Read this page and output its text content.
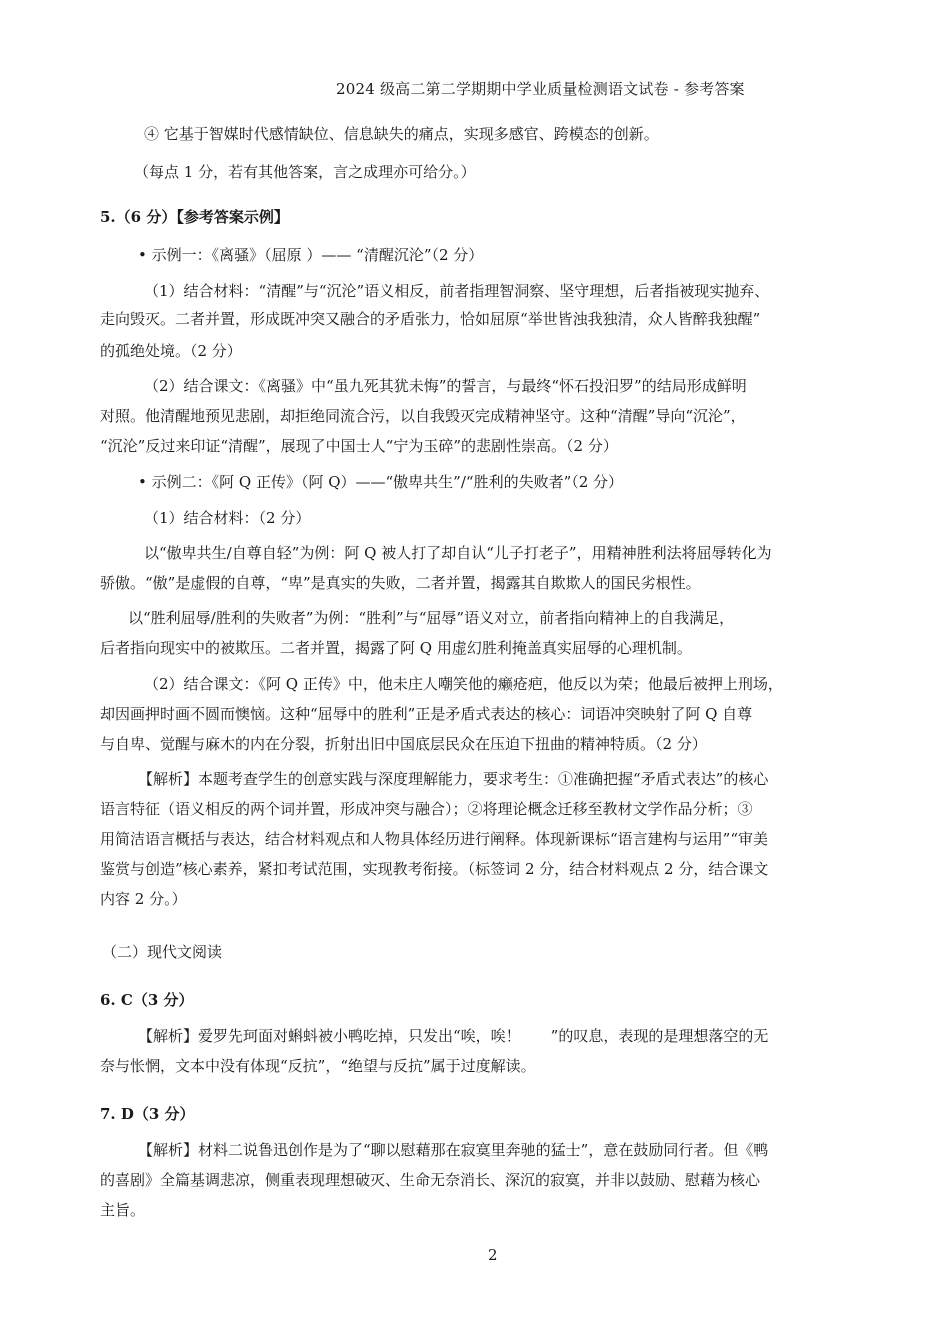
2024 级高二第二学期期中学业质量检测语文试卷 - 参考答案
④ 它基于智媒时代感情缺位、信息缺失的痛点，实现多感官、跨模态的创新。
（每点 1 分，若有其他答案，言之成理亦可给分。）
5.（6 分）【参考答案示例】
• 示例一：《离骚》（屈原 ）—— “清醒沉沦”（2 分）
（1）结合材料：“清醒”与“沉沦”语义相反，前者指理智洞察、坚守理想，后者指被现实抛弃、
走向毁灭。二者并置，形成既冲突又融合的矛盾张力，恰如屈原“举世皆浊我独清，众人皆醉我独醒”
的孤绝处境。（2 分）
（2）结合课文：《离骚》中“虽九死其犹未悔”的誓言，与最终“怀石投汨罗”的结局形成鲜明
对照。他清醒地预见悲剧，却拒绝同流合污，以自我毁灭完成精神坚守。这种“清醒”导向“沉沦”，
“沉沦”反过来印证“清醒”，展现了中国士人“宁为玉碎”的悲剧性崇高。（2 分）
• 示例二：《阿 Q 正传》（阿 Q）——“傲卑共生”/“胜利的失败者”（2 分）
（1）结合材料：（2 分）
以“傲卑共生/自尊自轻”为例：阿 Q 被人打了却自认“儿子打老子”，用精神胜利法将屈辱转化为
骄傲。“傲”是虚假的自尊，“卑”是真实的失败，二者并置，揭露其自欺欺人的国民劣根性。
以“胜利屈辱/胜利的失败者”为例：“胜利”与“屈辱”语义对立，前者指向精神上的自我满足，
后者指向现实中的被欺压。二者并置，揭露了阿 Q 用虚幻胜利掩盖真实屈辱的心理机制。
（2）结合课文：《阿 Q 正传》中，他未庄人嘲笑他的癞疮疤，他反以为荣；他最后被押上刑场，
却因画押时画不圆而懊恼。这种“屈辱中的胜利”正是矛盾式表达的核心：词语冲突映射了阿 Q 自尊
与自卑、觉醒与麻木的内在分裂，折射出旧中国底层民众在压迫下扭曲的精神特质。（2 分）
【解析】本题考查学生的创意实践与深度理解能力，要求考生：①准确把握“矛盾式表达”的核心
语言特征（语义相反的两个词并置，形成冲突与融合）；②将理论概念迁移至教材文学作品分析；③
用简洁语言概括与表达，结合材料观点和人物具体经历进行阐释。体现新课标“语言建构与运用”“审美
鉴赏与创造”核心素养，紧扣考试范围，实现教考衔接。（标签词 2 分，结合材料观点 2 分，结合课文
内容 2 分。）
（二）现代文阅读
6. C（3 分）
【解析】爱罗先珂面对蝌蚪被小鸭吃掉，只发出“唉，唉！　　”的叹息，表现的是理想落空的无
奈与怅惘，文本中没有体现“反抗”，“绝望与反抗”属于过度解读。
7. D（3 分）
【解析】材料二说鲁迅创作是为了“聊以慰藉那在寂寞里奔驰的猛士”，意在鼓励同行者。但《鸭
的喜剧》全篇基调悲凉，侧重表现理想破灭、生命无奈消长、深沉的寂寞，并非以鼓励、慰藉为核心
主旨。
2
